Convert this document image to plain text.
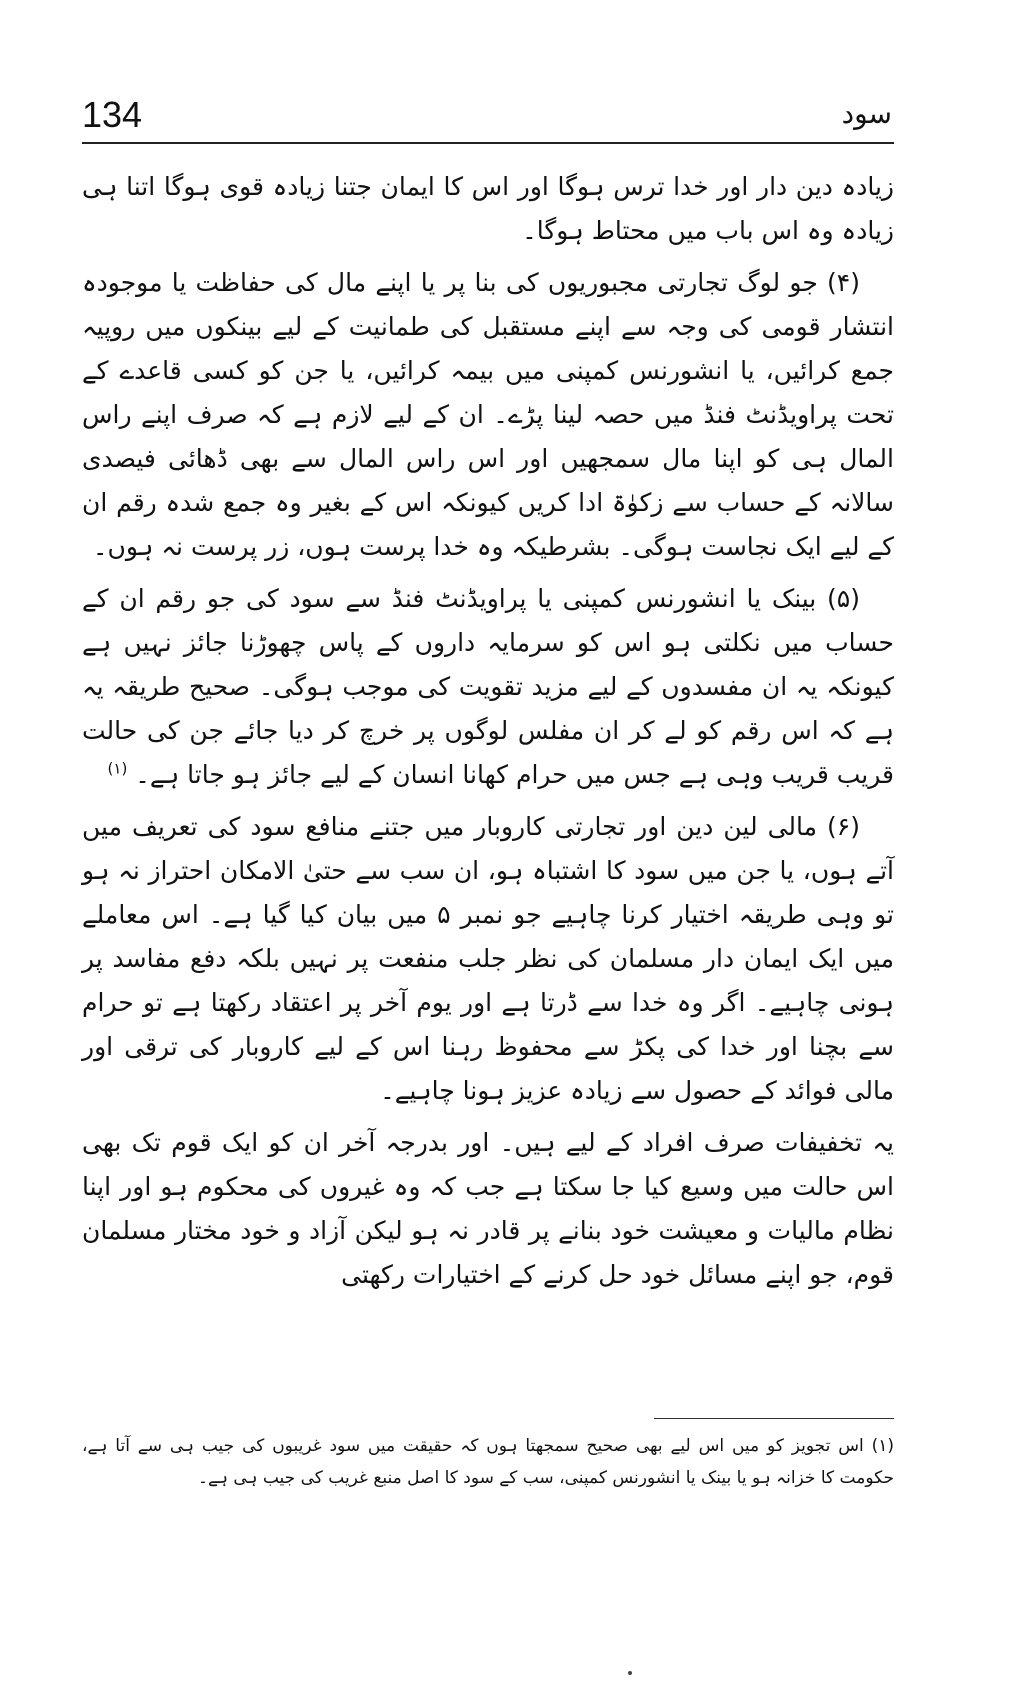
134	سود

زیادہ دین دار اور خدا ترس ہوگا اور اس کا ایمان جتنا زیادہ قوی ہوگا اتنا ہی زیادہ وہ اس باب میں محتاط ہوگا۔

(۴) جو لوگ تجارتی مجبوریوں کی بنا پر یا اپنے مال کی حفاظت یا موجودہ انتشار قومی کی وجہ سے اپنے مستقبل کی طمانیت کے لیے بینکوں میں روپیہ جمع کرائیں، یا انشورنس کمپنی میں بیمہ کرائیں، یا جن کو کسی قاعدے کے تحت پراویڈنٹ فنڈ میں حصہ لینا پڑے۔ ان کے لیے لازم ہے کہ صرف اپنے راس المال ہی کو اپنا مال سمجھیں اور اس راس المال سے بھی ڈھائی فیصدی سالانہ کے حساب سے زکوٰۃ ادا کریں کیونکہ اس کے بغیر وہ جمع شدہ رقم ان کے لیے ایک نجاست ہوگی۔ بشرطیکہ وہ خدا پرست ہوں، زر پرست نہ ہوں۔

(۵) بینک یا انشورنس کمپنی یا پراویڈنٹ فنڈ سے سود کی جو رقم ان کے حساب میں نکلتی ہو اس کو سرمایہ داروں کے پاس چھوڑنا جائز نہیں ہے کیونکہ یہ ان مفسدوں کے لیے مزید تقویت کی موجب ہوگی۔ صحیح طریقہ یہ ہے کہ اس رقم کو لے کر ان مفلس لوگوں پر خرچ کر دیا جائے جن کی حالت قریب قریب وہی ہے جس میں حرام کھانا انسان کے لیے جائز ہو جاتا ہے۔ $^{(۱)}$

(۶) مالی لین دین اور تجارتی کاروبار میں جتنے منافع سود کی تعریف میں آتے ہوں، یا جن میں سود کا اشتباہ ہو، ان سب سے حتیٰ الامکان احتراز نہ ہو تو وہی طریقہ اختیار کرنا چاہیے جو نمبر ۵ میں بیان کیا گیا ہے۔ اس معاملے میں ایک ایمان دار مسلمان کی نظر جلب منفعت پر نہیں بلکہ دفع مفاسد پر ہونی چاہیے۔ اگر وہ خدا سے ڈرتا ہے اور یوم آخر پر اعتقاد رکھتا ہے تو حرام سے بچنا اور خدا کی پکڑ سے محفوظ رہنا اس کے لیے کاروبار کی ترقی اور مالی فوائد کے حصول سے زیادہ عزیز ہونا چاہیے۔

یہ تخفیفات صرف افراد کے لیے ہیں۔ اور بدرجہ آخر ان کو ایک قوم تک بھی اس حالت میں وسیع کیا جا سکتا ہے جب کہ وہ غیروں کی محکوم ہو اور اپنا نظام مالیات و معیشت خود بنانے پر قادر نہ ہو لیکن آزاد و خود مختار مسلمان قوم، جو اپنے مسائل خود حل کرنے کے اختیارات رکھتی

(۱) اس تجویز کو میں اس لیے بھی صحیح سمجھتا ہوں کہ حقیقت میں سود غریبوں کی جیب ہی سے آتا ہے، حکومت کا خزانہ ہو یا بینک یا انشورنس کمپنی، سب کے سود کا اصل منبع غریب کی جیب ہی ہے۔
